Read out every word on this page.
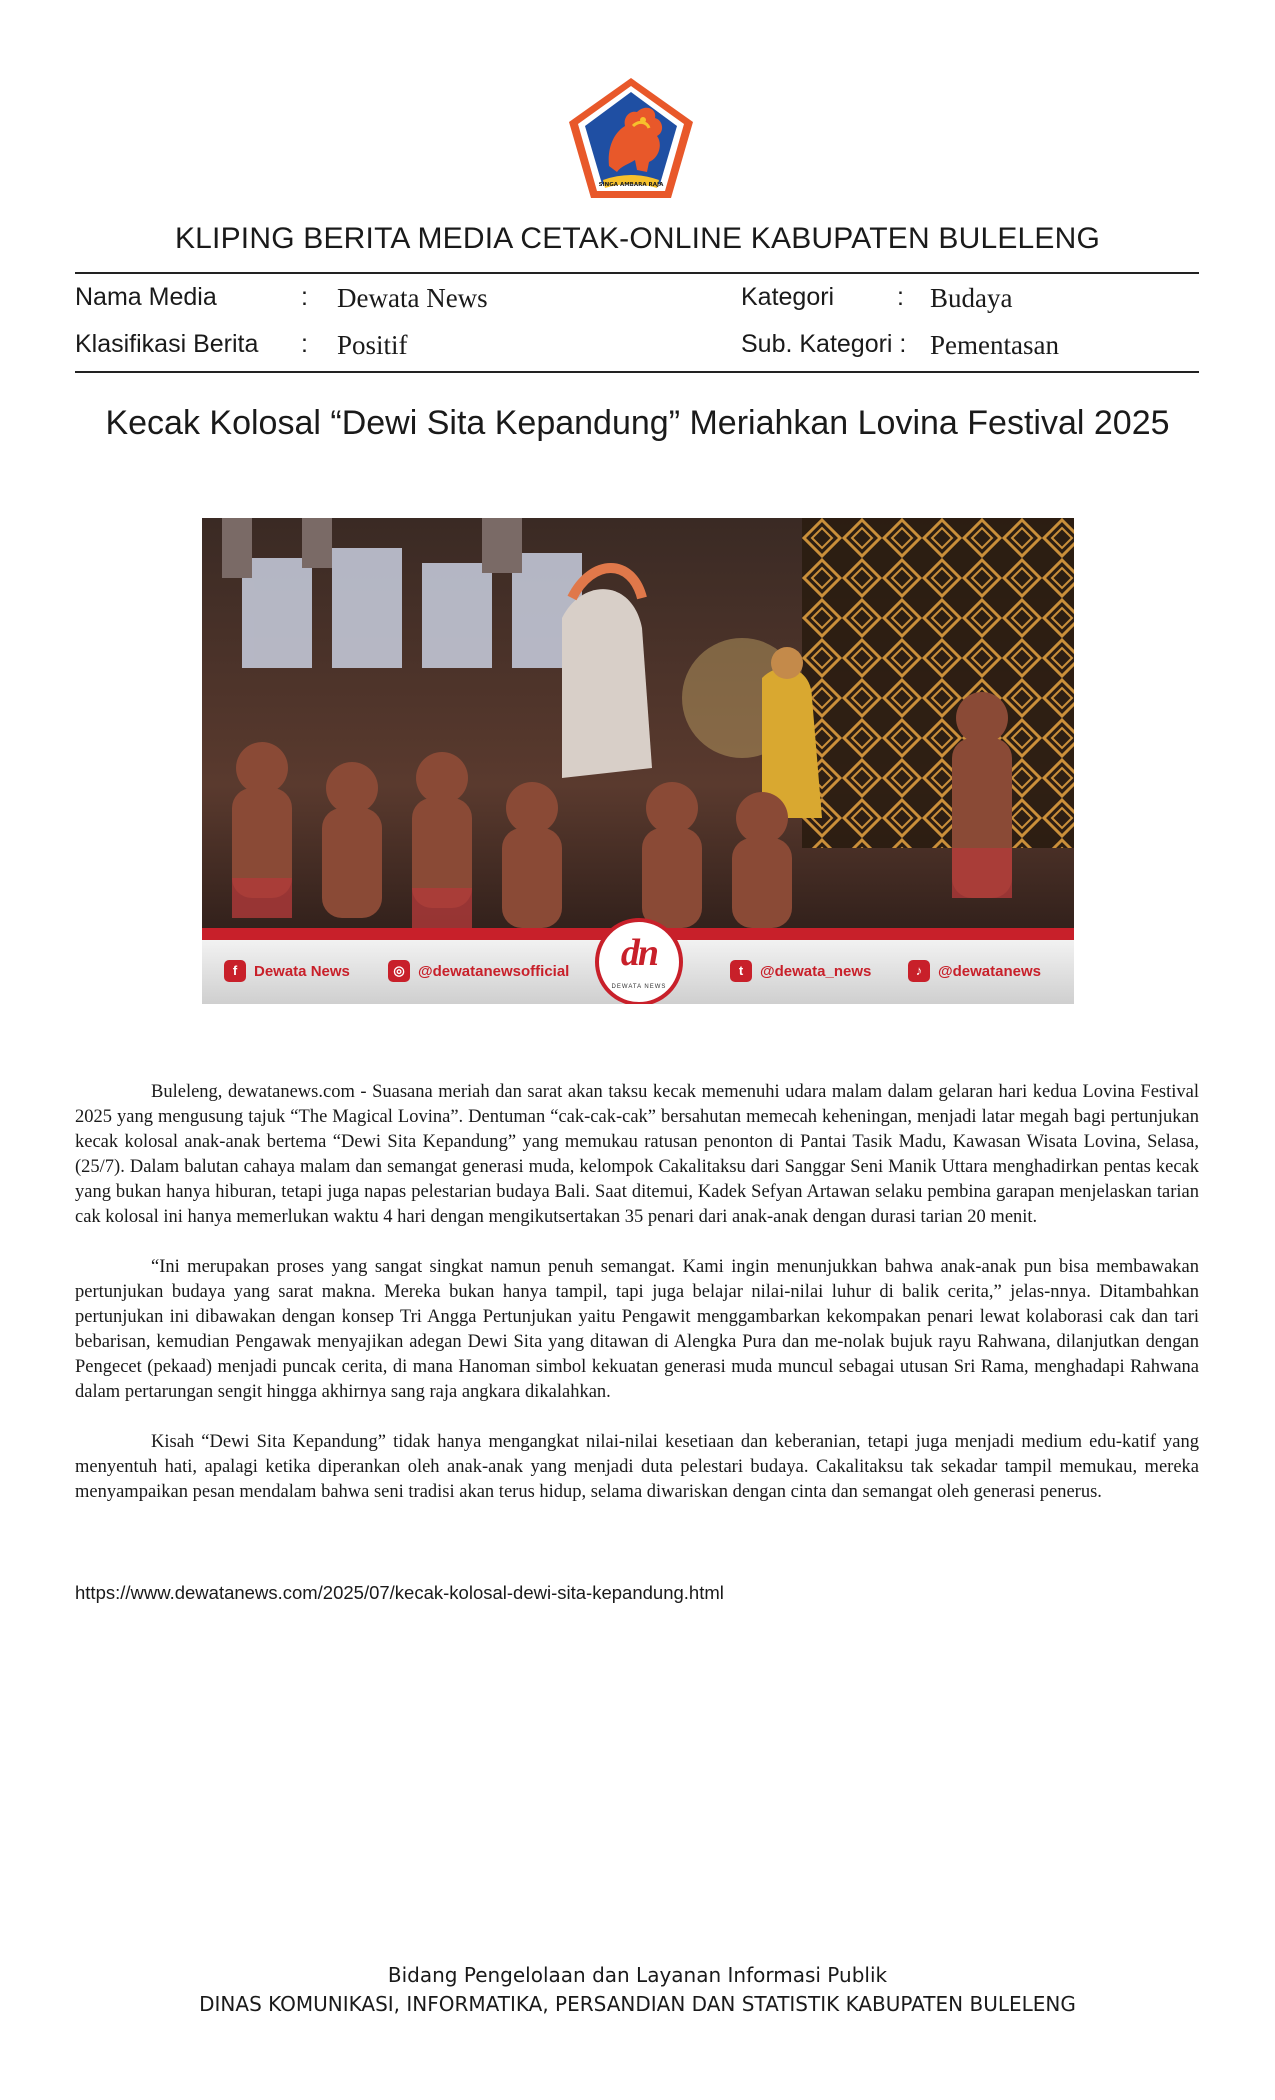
SINGA AMBARA RAJA
KLIPING BERITA MEDIA CETAK-ONLINE KABUPATEN BULELENG
Nama Media	: Dewata News
Klasifikasi Berita : Positif
Kategori	: Budaya
Sub. Kategori : Pementasan
Kecak Kolosal “Dewi Sita Kepandung” Meriahkan Lovina Festival 2025
f	Dewata News	◎ @dewatanewsofficial	t	@dewata_news	♪	@dewatanews
dn
DEWATA NEWS

Buleleng, dewatanews.com - Suasana meriah dan sarat akan taksu kecak memenuhi udara malam dalam gelaran hari kedua Lovina Festival 2025 yang mengusung tajuk “The Magical Lovina”. Dentuman “cak-cak-cak” bersahutan memecah keheningan, menjadi latar megah bagi pertunjukan kecak kolosal anak-anak bertema “Dewi Sita Kepandung” yang memukau ratusan penonton di Pantai Tasik Madu, Kawasan Wisata Lovina, Selasa, (25/7). Dalam balutan cahaya malam dan semangat generasi muda, kelompok Cakalitaksu dari Sanggar Seni Manik Uttara menghadirkan pentas kecak yang bukan hanya hiburan, tetapi juga napas pelestarian budaya Bali. Saat ditemui, Kadek Sefyan Artawan selaku pembina garapan menjelaskan tarian cak kolosal ini hanya memerlukan waktu 4 hari dengan mengikutsertakan 35 penari dari anak-anak dengan durasi tarian 20 menit.

“Ini merupakan proses yang sangat singkat namun penuh semangat. Kami ingin menunjukkan bahwa anak-anak pun bisa membawakan pertunjukan budaya yang sarat makna. Mereka bukan hanya tampil, tapi juga belajar nilai-nilai luhur di balik cerita,” jelas-nnya. Ditambahkan pertunjukan ini dibawakan dengan konsep Tri Angga Pertunjukan yaitu Pengawit menggambarkan kekompakan penari lewat kolaborasi cak dan tari bebarisan, kemudian Pengawak menyajikan adegan Dewi Sita yang ditawan di Alengka Pura dan me-nolak bujuk rayu Rahwana, dilanjutkan dengan Pengecet (pekaad) menjadi puncak cerita, di mana Hanoman simbol kekuatan generasi muda muncul sebagai utusan Sri Rama, menghadapi Rahwana dalam pertarungan sengit hingga akhirnya sang raja angkara dikalahkan.

Kisah “Dewi Sita Kepandung” tidak hanya mengangkat nilai-nilai kesetiaan dan keberanian, tetapi juga menjadi medium edu-katif yang menyentuh hati, apalagi ketika diperankan oleh anak-anak yang menjadi duta pelestari budaya. Cakalitaksu tak sekadar tampil memukau, mereka menyampaikan pesan mendalam bahwa seni tradisi akan terus hidup, selama diwariskan dengan cinta dan semangat oleh generasi penerus.

https://www.dewatanews.com/2025/07/kecak-kolosal-dewi-sita-kepandung.html
Bidang Pengelolaan dan Layanan Informasi Publik
DINAS KOMUNIKASI, INFORMATIKA, PERSANDIAN DAN STATISTIK KABUPATEN BULELENG
